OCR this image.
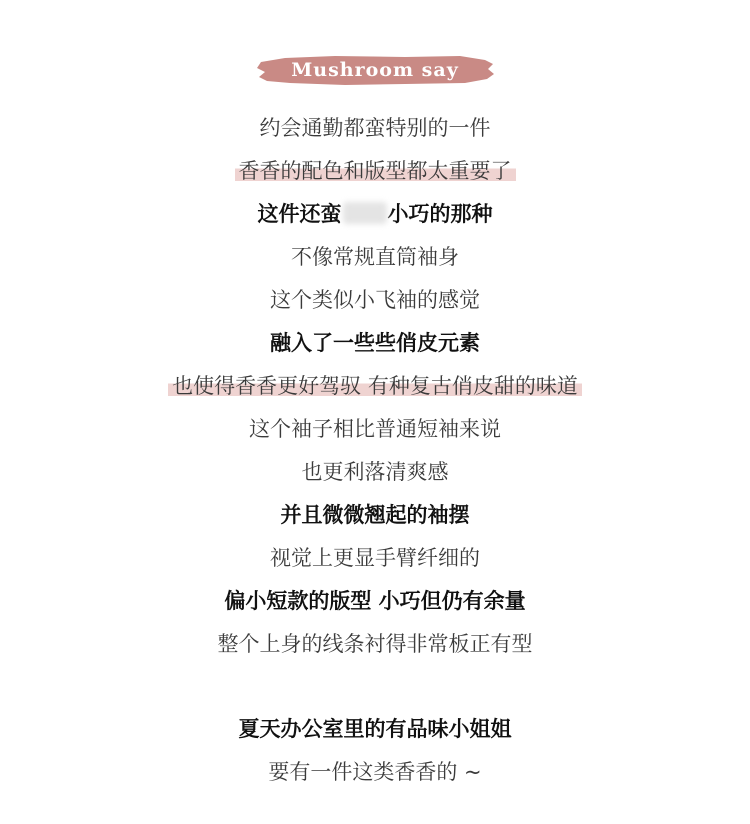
Mushroom say
约会通勤都蛮特别的一件
香香的配色和版型都太重要了
这件还蛮 小巧的那种
不像常规直筒袖身
这个类似小飞袖的感觉
融入了一些些俏皮元素
也使得香香更好驾驭 有种复古俏皮甜的味道
这个袖子相比普通短袖来说
也更利落清爽感
并且微微翘起的袖摆
视觉上更显手臂纤细的
偏小短款的版型 小巧但仍有余量
整个上身的线条衬得非常板正有型
夏天办公室里的有品味小姐姐
要有一件这类香香的 ~
